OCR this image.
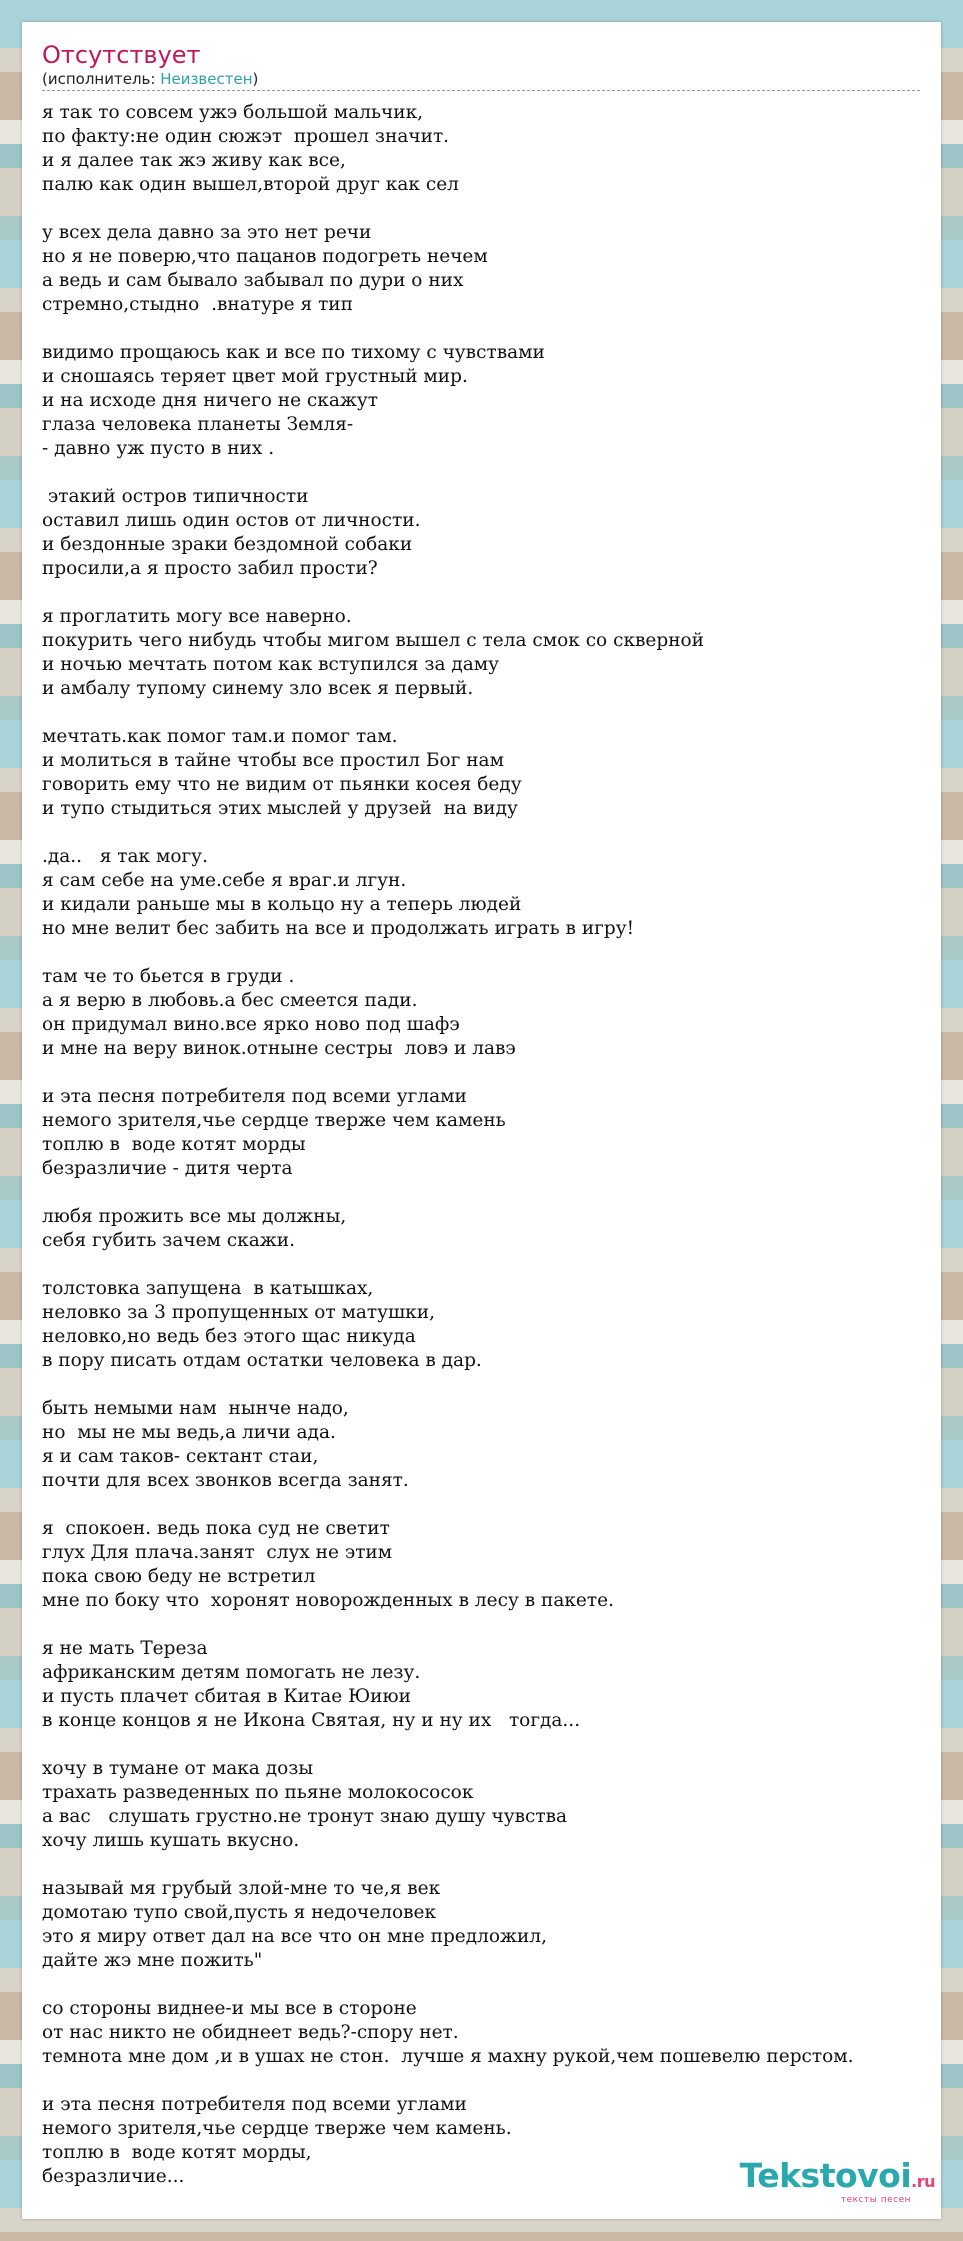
Отсутствует
(исполнитель: Неизвестен)
я так то совсем ужэ большой мальчик,
по факту:не один сюжэт  прошел значит.
и я далее так жэ живу как все,
палю как один вышел,второй друг как сел
у всех дела давно за это нет речи
но я не поверю,что пацанов подогреть нечем
а ведь и сам бывало забывал по дури о них
стремно,стыдно  .внатуре я тип
видимо прощаюсь как и все по тихому с чувствами
и сношаясь теряет цвет мой грустный мир.
и на исходе дня ничего не скажут
глаза человека планеты Земля-
- давно уж пусто в них .
этакий остров типичности
оставил лишь один остов от личности.
и бездонные зраки бездомной собаки
просили,а я просто забил прости?
я проглатить могу все наверно.
покурить чего нибудь чтобы мигом вышел с тела смок со скверной
и ночью мечтать потом как вступился за даму
и амбалу тупому синему зло всек я первый.
мечтать.как помог там.и помог там.
и молиться в тайне чтобы все простил Бог нам
говорить ему что не видим от пьянки косея беду
и тупо стыдиться этих мыслей у друзей  на виду
.да..   я так могу.
я сам себе на уме.себе я враг.и лгун.
и кидали раньше мы в кольцо ну а теперь людей
но мне велит бес забить на все и продолжать играть в игру!
там че то бьется в груди .
а я верю в любовь.а бес смеется пади.
он придумал вино.все ярко ново под шафэ
и мне на веру винок.отныне сестры  ловэ и лавэ
и эта песня потребителя под всеми углами
немого зрителя,чье сердце тверже чем камень
топлю в  воде котят морды
безразличие - дитя черта
любя прожить все мы должны,
себя губить зачем скажи.
толстовка запущена  в катышках,
неловко за 3 пропущенных от матушки,
неловко,но ведь без этого щас никуда
в пору писать отдам остатки человека в дар.
быть немыми нам  нынче надо,
но  мы не мы ведь,а личи ада.
я и сам таков- сектант стаи,
почти для всех звонков всегда занят.
я  спокоен. ведь пока суд не светит
глух Для плача.занят  слух не этим
пока свою беду не встретил
мне по боку что  хоронят новорожденных в лесу в пакете.
я не мать Тереза
африканским детям помогать не лезу.
и пусть плачет сбитая в Китае Юиюи
в конце концов я не Икона Святая, ну и ну их   тогда...
хочу в тумане от мака дозы
трахать разведенных по пьяне молокососок
а вас   слушать грустно.не тронут знаю душу чувства
хочу лишь кушать вкусно.
называй мя грубый злой-мне то че,я век
домотаю тупо свой,пусть я недочеловек
это я миру ответ дал на все что он мне предложил,
дайте жэ мне пожить"
со стороны виднее-и мы все в стороне
от нас никто не обиднеет ведь?-спору нет.
темнота мне дом ,и в ушах не стон.  лучше я махну рукой,чем пошевелю перстом.
и эта песня потребителя под всеми углами
немого зрителя,чье сердце тверже чем камень.
топлю в  воде котят морды,
безразличие...	Tekstovoi.ru
тексты песен
